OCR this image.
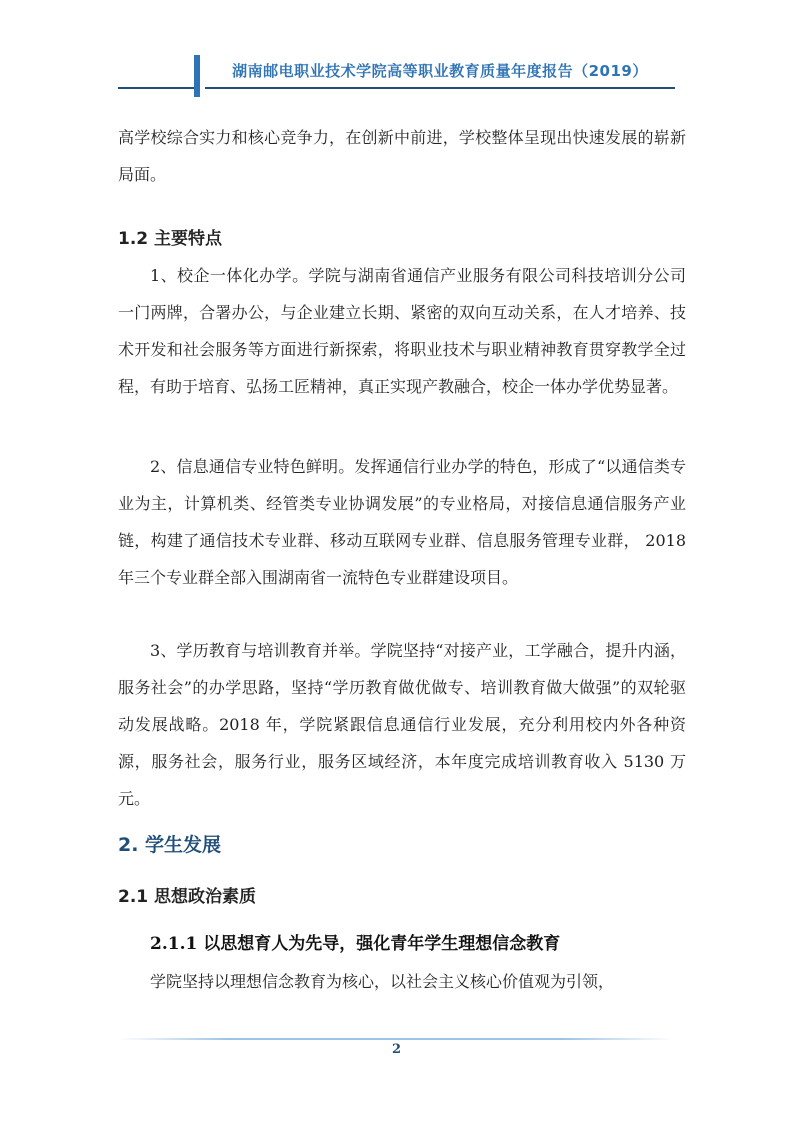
湖南邮电职业技术学院高等职业教育质量年度报告（2019）

高学校综合实力和核心竞争力，在创新中前进，学校整体呈现出快速发展的崭新局面。

1.2 主要特点

1、校企一体化办学。学院与湖南省通信产业服务有限公司科技培训分公司一门两牌，合署办公，与企业建立长期、紧密的双向互动关系，在人才培养、技术开发和社会服务等方面进行新探索，将职业技术与职业精神教育贯穿教学全过程，有助于培育、弘扬工匠精神，真正实现产教融合，校企一体办学优势显著。

2、信息通信专业特色鲜明。发挥通信行业办学的特色，形成了“以通信类专业为主，计算机类、经管类专业协调发展”的专业格局，对接信息通信服务产业链，构建了通信技术专业群、移动互联网专业群、信息服务管理专业群， 2018 年三个专业群全部入围湖南省一流特色专业群建设项目。

3、学历教育与培训教育并举。学院坚持“对接产业，工学融合，提升内涵，服务社会”的办学思路，坚持“学历教育做优做专、培训教育做大做强”的双轮驱动发展战略。2018 年，学院紧跟信息通信行业发展，充分利用校内外各种资源，服务社会，服务行业，服务区域经济，本年度完成培训教育收入 5130 万元。

2. 学生发展
2.1 思想政治素质
2.1.1 以思想育人为先导，强化青年学生理想信念教育

学院坚持以理想信念教育为核心，以社会主义核心价值观为引领，

2
